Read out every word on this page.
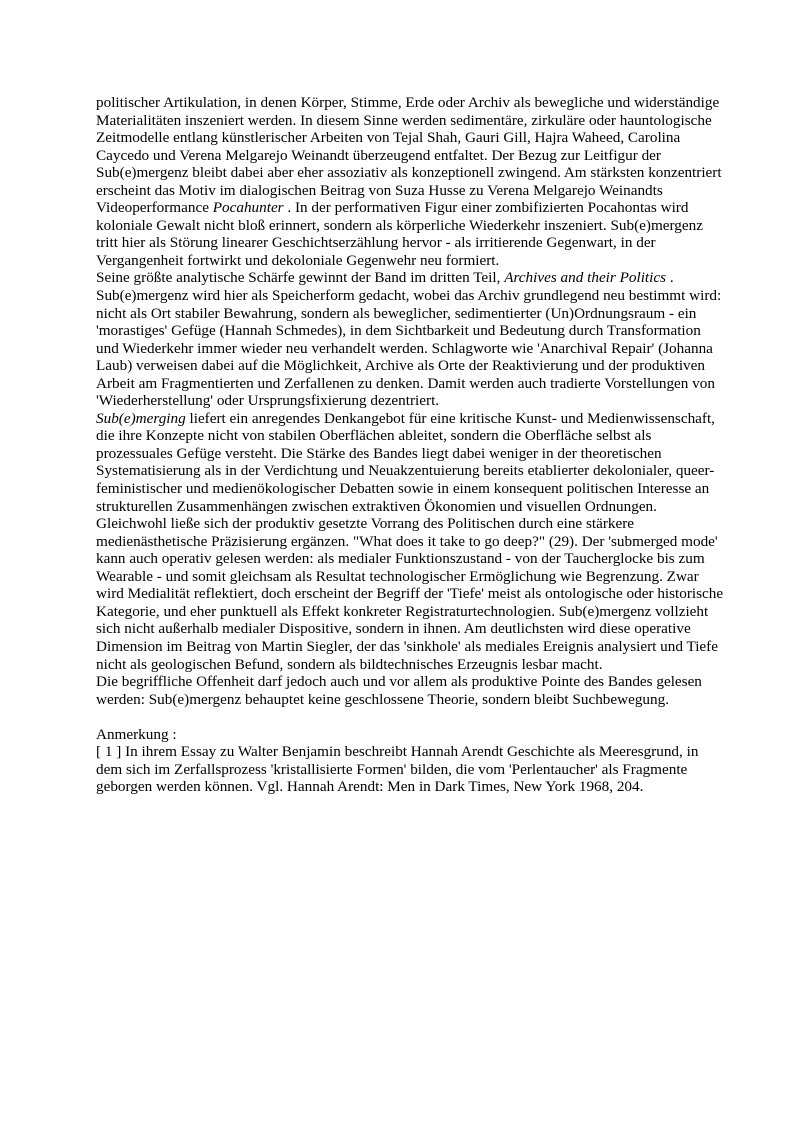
politischer Artikulation, in denen Körper, Stimme, Erde oder Archiv als bewegliche und widerständige Materialitäten inszeniert werden. In diesem Sinne werden sedimentäre, zirkuläre oder hauntologische Zeitmodelle entlang künstlerischer Arbeiten von Tejal Shah, Gauri Gill, Hajra Waheed, Carolina Caycedo und Verena Melgarejo Weinandt überzeugend entfaltet. Der Bezug zur Leitfigur der Sub(e)mergenz bleibt dabei aber eher assoziativ als konzeptionell zwingend. Am stärksten konzentriert erscheint das Motiv im dialogischen Beitrag von Suza Husse zu Verena Melgarejo Weinandts Videoperformance Pocahunter . In der performativen Figur einer zombifizierten Pocahontas wird koloniale Gewalt nicht bloß erinnert, sondern als körperliche Wiederkehr inszeniert. Sub(e)mergenz tritt hier als Störung linearer Geschichtserzählung hervor - als irritierende Gegenwart, in der Vergangenheit fortwirkt und dekoloniale Gegenwehr neu formiert.

Seine größte analytische Schärfe gewinnt der Band im dritten Teil, Archives and their Politics . Sub(e)mergenz wird hier als Speicherform gedacht, wobei das Archiv grundlegend neu bestimmt wird: nicht als Ort stabiler Bewahrung, sondern als beweglicher, sedimentierter (Un)Ordnungsraum - ein 'morastiges' Gefüge (Hannah Schmedes), in dem Sichtbarkeit und Bedeutung durch Transformation und Wiederkehr immer wieder neu verhandelt werden. Schlagworte wie 'Anarchival Repair' (Johanna Laub) verweisen dabei auf die Möglichkeit, Archive als Orte der Reaktivierung und der produktiven Arbeit am Fragmentierten und Zerfallenen zu denken. Damit werden auch tradierte Vorstellungen von 'Wiederherstellung' oder Ursprungsfixierung dezentriert.

Sub(e)merging liefert ein anregendes Denkangebot für eine kritische Kunst- und Medienwissenschaft, die ihre Konzepte nicht von stabilen Oberflächen ableitet, sondern die Oberfläche selbst als prozessuales Gefüge versteht. Die Stärke des Bandes liegt dabei weniger in der theoretischen Systematisierung als in der Verdichtung und Neuakzentuierung bereits etablierter dekolonialer, queer-feministischer und medienökologischer Debatten sowie in einem konsequent politischen Interesse an strukturellen Zusammenhängen zwischen extraktiven Ökonomien und visuellen Ordnungen. Gleichwohl ließe sich der produktiv gesetzte Vorrang des Politischen durch eine stärkere medienästhetische Präzisierung ergänzen. "What does it take to go deep?" (29). Der 'submerged mode' kann auch operativ gelesen werden: als medialer Funktionszustand - von der Taucherglocke bis zum Wearable - und somit gleichsam als Resultat technologischer Ermöglichung wie Begrenzung. Zwar wird Medialität reflektiert, doch erscheint der Begriff der 'Tiefe' meist als ontologische oder historische Kategorie, und eher punktuell als Effekt konkreter Registraturtechnologien. Sub(e)mergenz vollzieht sich nicht außerhalb medialer Dispositive, sondern in ihnen. Am deutlichsten wird diese operative Dimension im Beitrag von Martin Siegler, der das 'sinkhole' als mediales Ereignis analysiert und Tiefe nicht als geologischen Befund, sondern als bildtechnisches Erzeugnis lesbar macht.

Die begriffliche Offenheit darf jedoch auch und vor allem als produktive Pointe des Bandes gelesen werden: Sub(e)mergenz behauptet keine geschlossene Theorie, sondern bleibt Suchbewegung.

Anmerkung :

[ 1 ] In ihrem Essay zu Walter Benjamin beschreibt Hannah Arendt Geschichte als Meeresgrund, in dem sich im Zerfallsprozess 'kristallisierte Formen' bilden, die vom 'Perlentaucher' als Fragmente geborgen werden können. Vgl. Hannah Arendt: Men in Dark Times, New York 1968, 204.
